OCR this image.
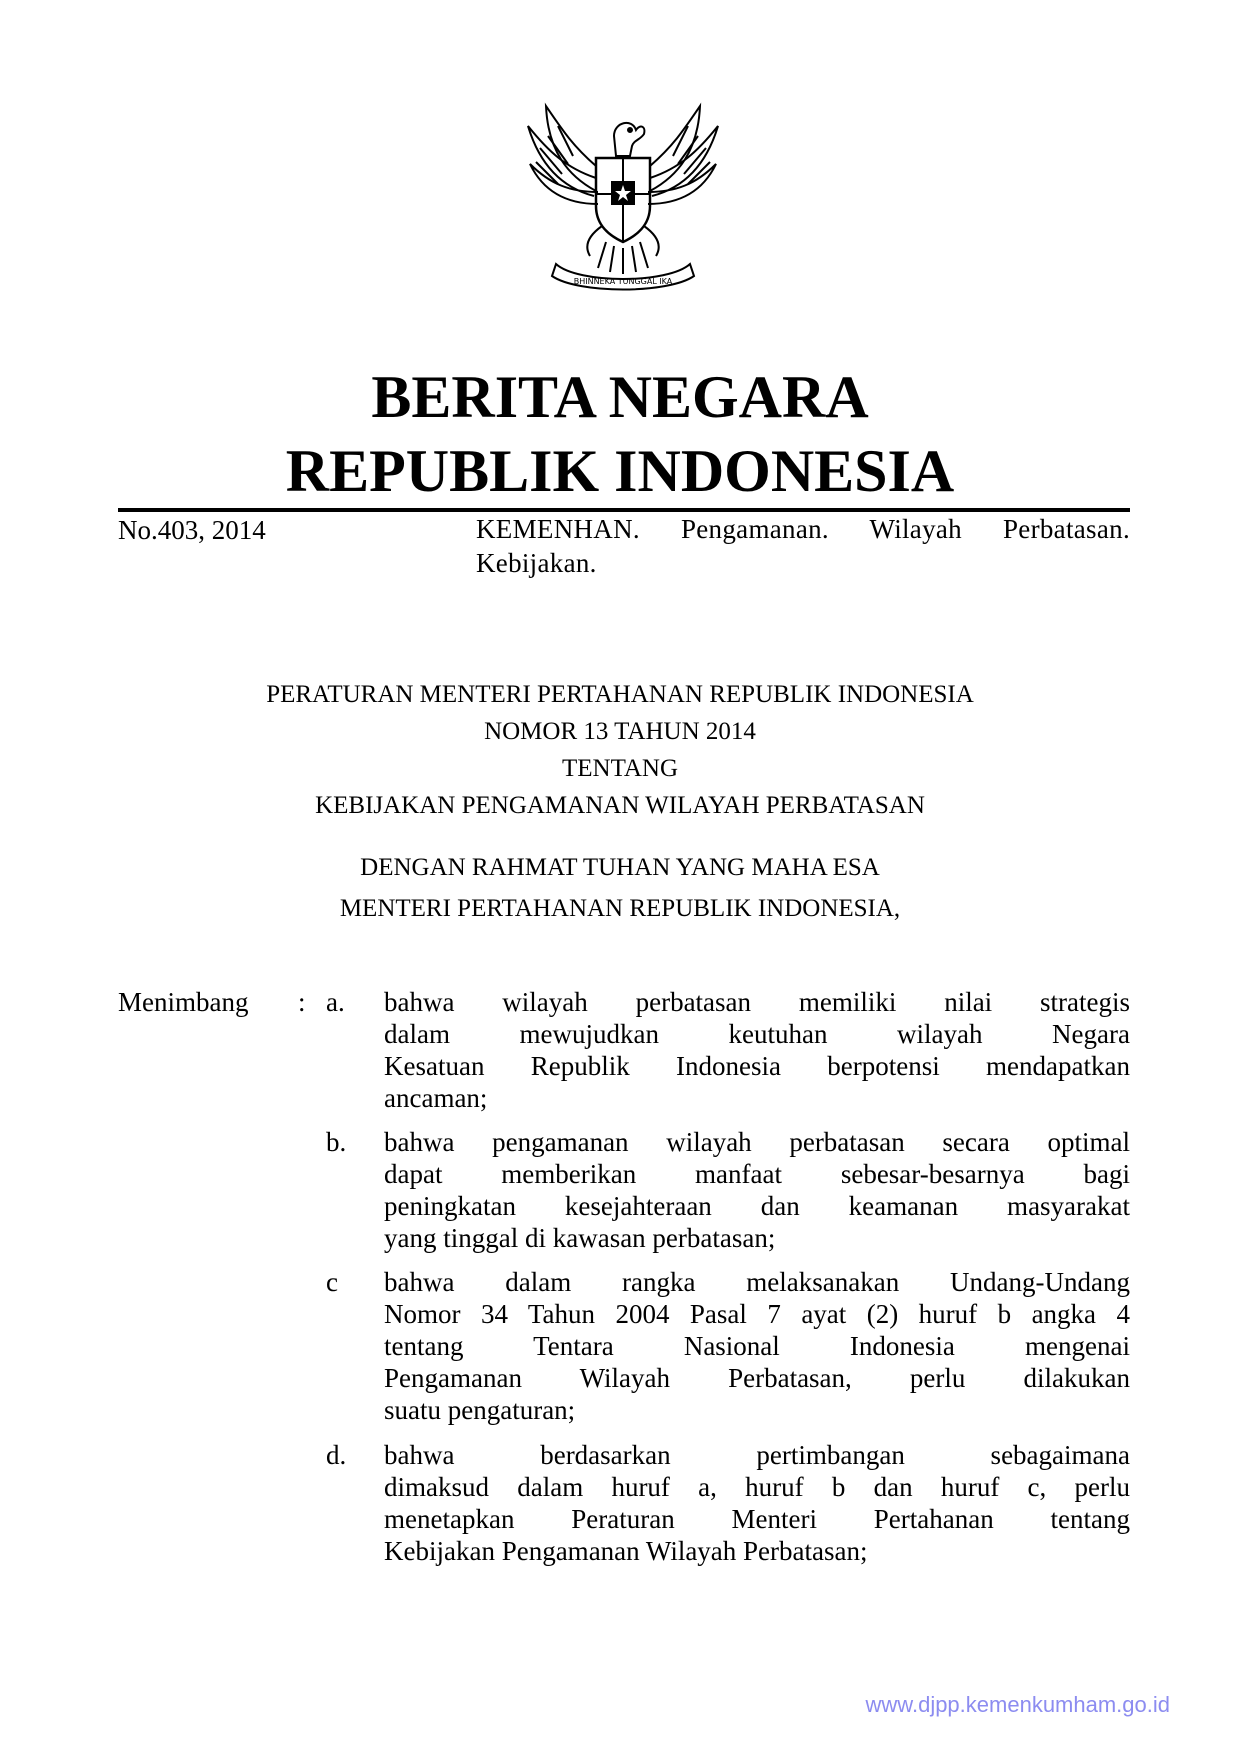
BHINNEKA TUNGGAL IKA
BERITA NEGARA
REPUBLIK INDONESIA
No.403, 2014	KEMENHAN. Pengamanan. Wilayah Perbatasan.
Kebijakan.
PERATURAN MENTERI PERTAHANAN REPUBLIK INDONESIA
NOMOR 13 TAHUN 2014
TENTANG
KEBIJAKAN PENGAMANAN WILAYAH PERBATASAN
DENGAN RAHMAT TUHAN YANG MAHA ESA
MENTERI PERTAHANAN REPUBLIK INDONESIA,
Menimbang : a. bahwa wilayah perbatasan memiliki nilai strategis
dalam mewujudkan keutuhan wilayah Negara
Kesatuan Republik Indonesia berpotensi mendapatkan
ancaman;
b. bahwa pengamanan wilayah perbatasan secara optimal
dapat memberikan manfaat sebesar-besarnya bagi
peningkatan kesejahteraan dan keamanan masyarakat
yang tinggal di kawasan perbatasan;
c bahwa dalam rangka melaksanakan Undang-Undang
Nomor 34 Tahun 2004 Pasal 7 ayat (2) huruf b angka 4
tentang Tentara Nasional Indonesia mengenai
Pengamanan Wilayah Perbatasan, perlu dilakukan
suatu pengaturan;
d. bahwa berdasarkan pertimbangan sebagaimana
dimaksud dalam huruf a, huruf b dan huruf c, perlu
menetapkan Peraturan Menteri Pertahanan tentang
Kebijakan Pengamanan Wilayah Perbatasan;
www.djpp.kemenkumham.go.id
